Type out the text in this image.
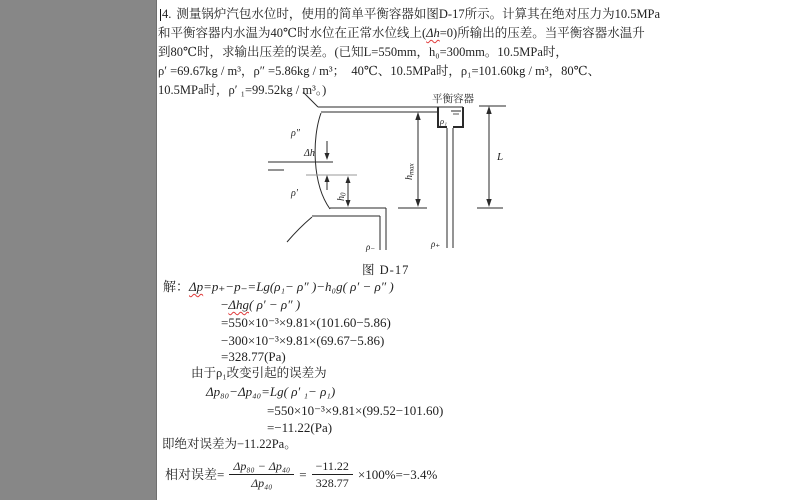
4. 测量锅炉汽包水位时，使用的简单平衡容器如图D-17所示。计算其在绝对压力为10.5MPa
和平衡容器内水温为40℃时水位在正常水位线上(Δh=0)所输出的压差。当平衡容器水温升
到80℃时，求输出压差的误差。(已知L=550mm，h₀=300mm。10.5MPa时，
ρ′ =69.67kg / m³，ρ″ =5.86kg / m³；  40℃、10.5MPa时，ρ₁=101.60kg / m³，80℃、
10.5MPa时，ρ′ ₁=99.52kg / m³。)
ρ″
ρ′
Δh
h0
hmax
L
ρ₁
ρ₋	ρ₊
平衡容器
图 D-17
解：Δp=p₊−p₋=Lg(ρ₁− ρ″ )−h₀g( ρ′ − ρ″ )
−Δhg( ρ′ − ρ″ )
=550×10⁻³×9.81×(101.60−5.86)
−300×10⁻³×9.81×(69.67−5.86)
=328.77(Pa)
由于ρ₁改变引起的误差为
Δp₈₀−Δp₄₀=Lg( ρ′ ₁− ρ₁)
=550×10⁻³×9.81×(99.52−101.60)
=−11.22(Pa)
即绝对误差为−11.22Pa。
相对误差= $\frac{\text{Δp₈₀ − Δp₄₀}}{\text{Δp₄₀}} = \frac{-11.22}{328.77} \times 100\%=-3.4\%$
